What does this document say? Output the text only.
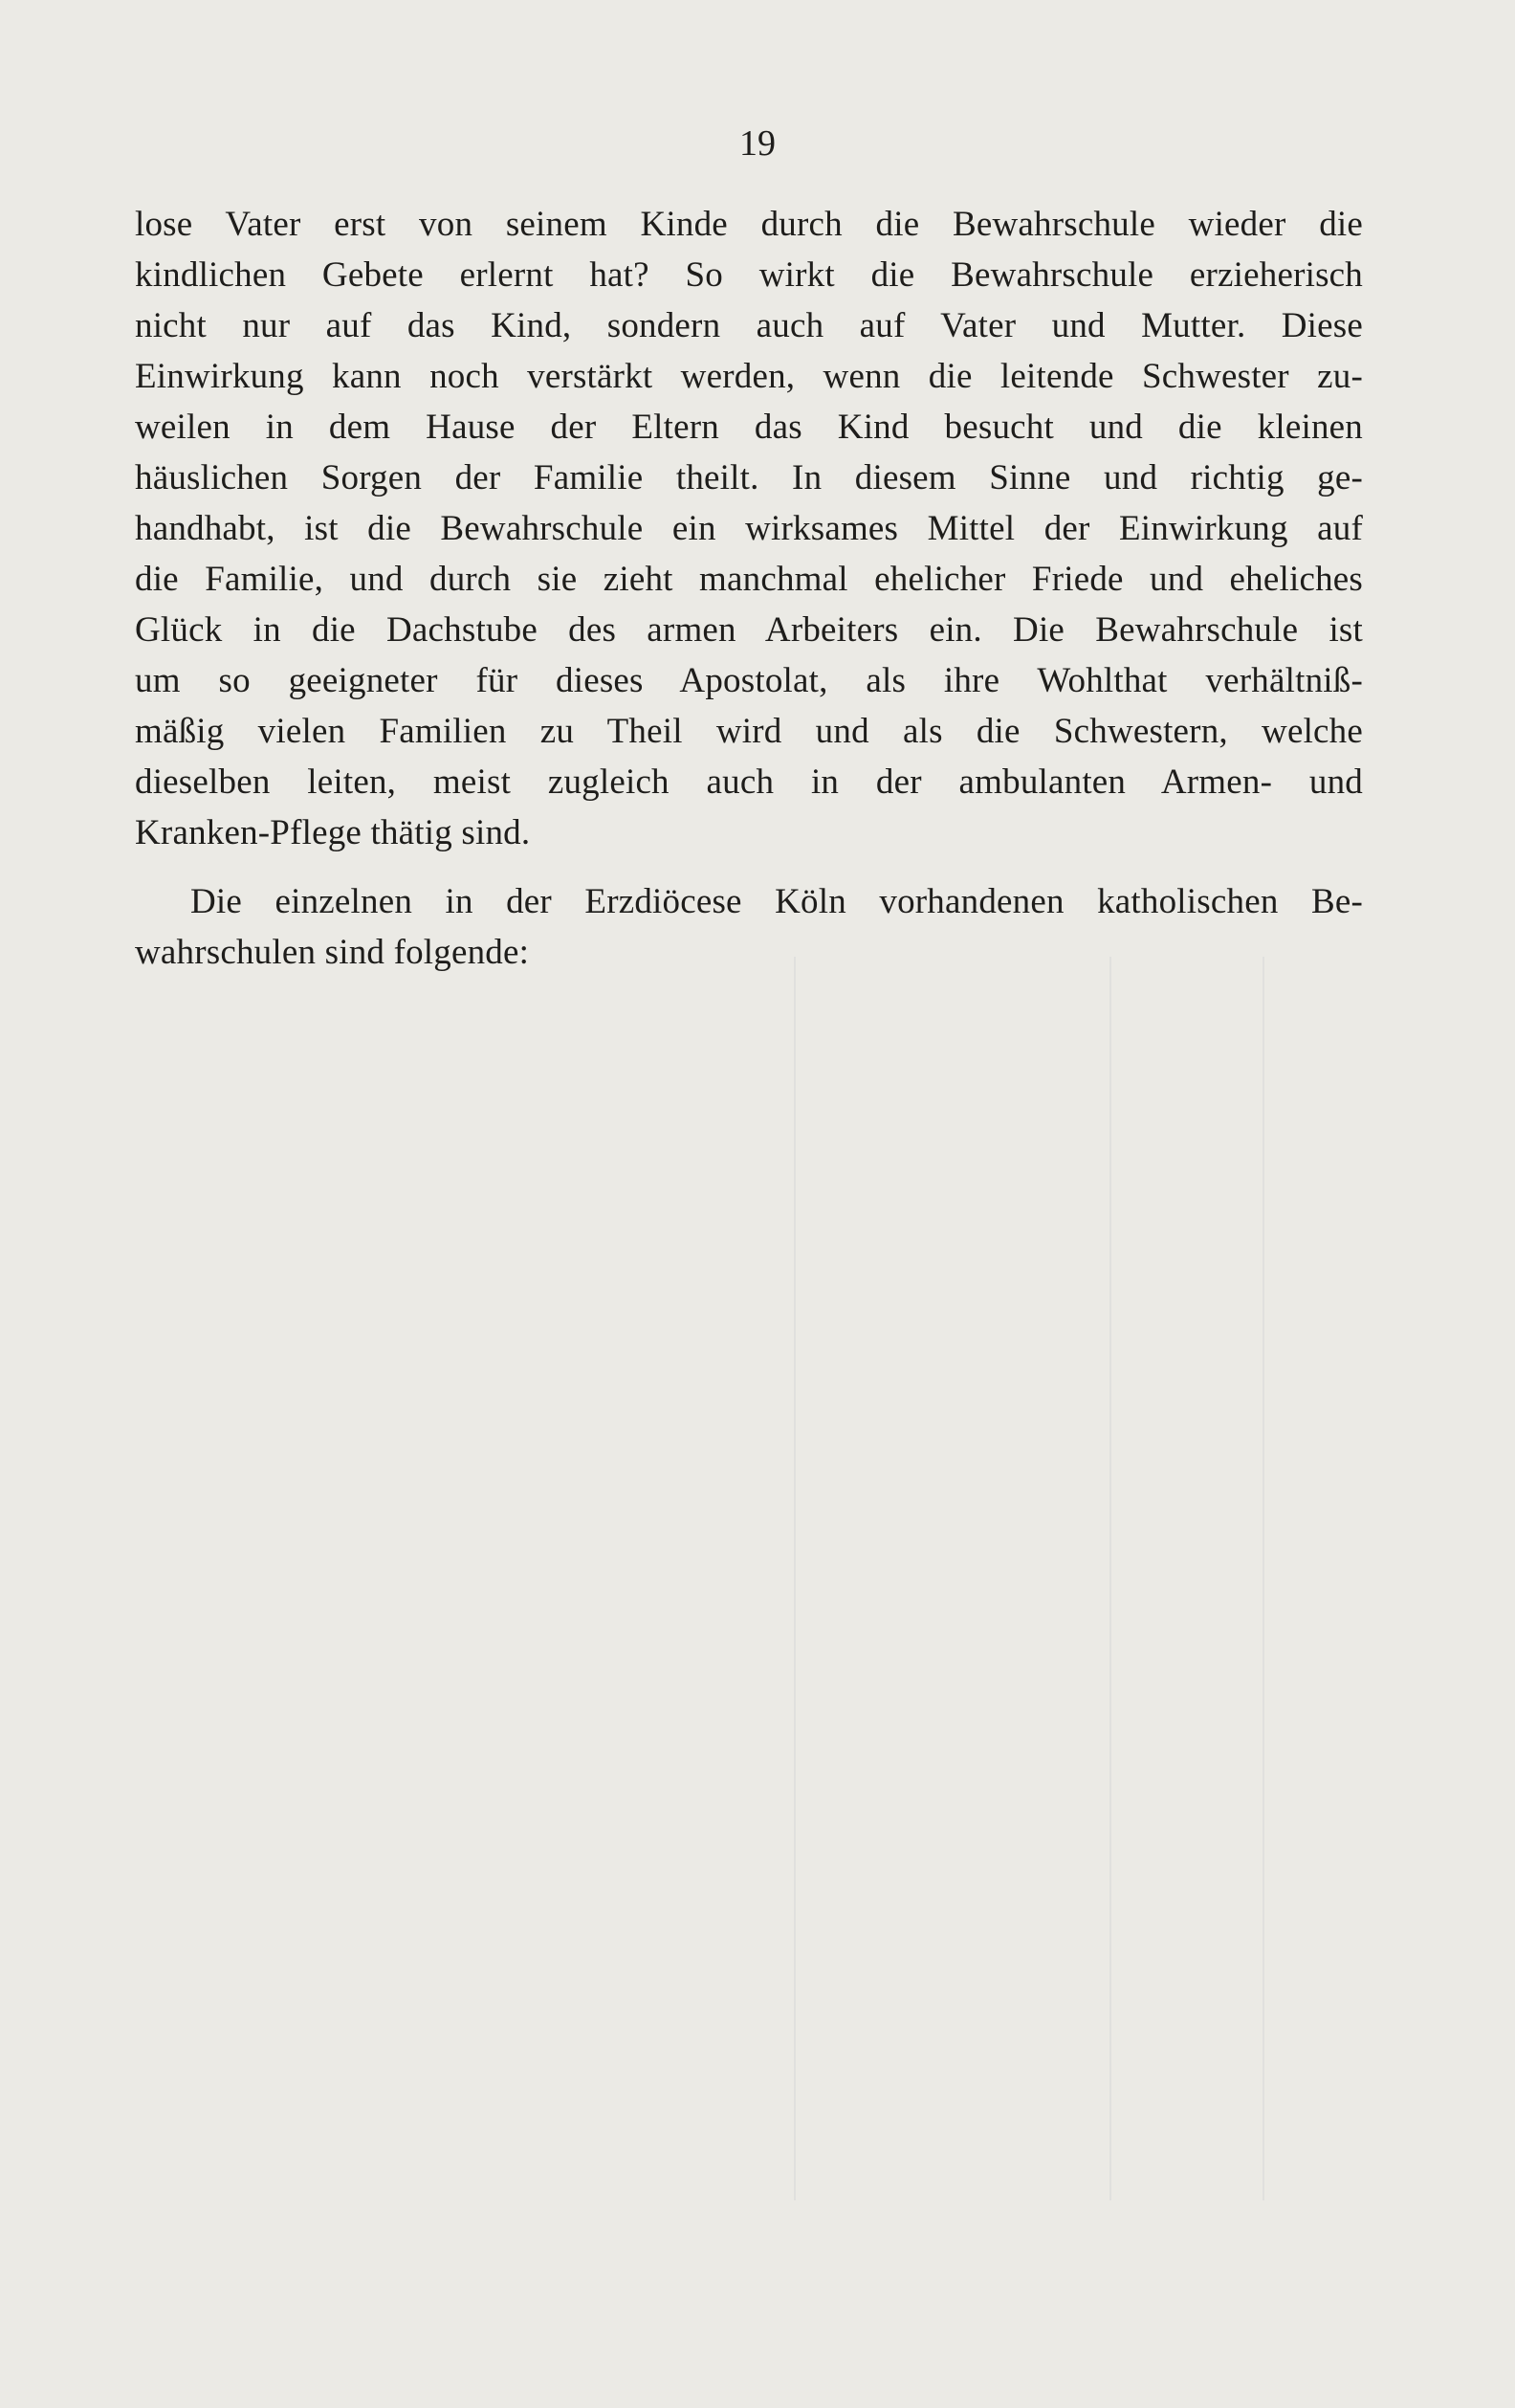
19
lose Vater erst von seinem Kinde durch die Bewahrschule wieder die
kindlichen Gebete erlernt hat? So wirkt die Bewahrschule erzieherisch
nicht nur auf das Kind, sondern auch auf Vater und Mutter. Diese
Einwirkung kann noch verstärkt werden, wenn die leitende Schwester zu-
weilen in dem Hause der Eltern das Kind besucht und die kleinen
häuslichen Sorgen der Familie theilt. In diesem Sinne und richtig ge-
handhabt, ist die Bewahrschule ein wirksames Mittel der Einwirkung auf
die Familie, und durch sie zieht manchmal ehelicher Friede und eheliches
Glück in die Dachstube des armen Arbeiters ein. Die Bewahrschule ist
um so geeigneter für dieses Apostolat, als ihre Wohlthat verhältniß-
mäßig vielen Familien zu Theil wird und als die Schwestern, welche
dieselben leiten, meist zugleich auch in der ambulanten Armen- und
Kranken-Pflege thätig sind.
Die einzelnen in der Erzdiöcese Köln vorhandenen katholischen Be-
wahrschulen sind folgende:
